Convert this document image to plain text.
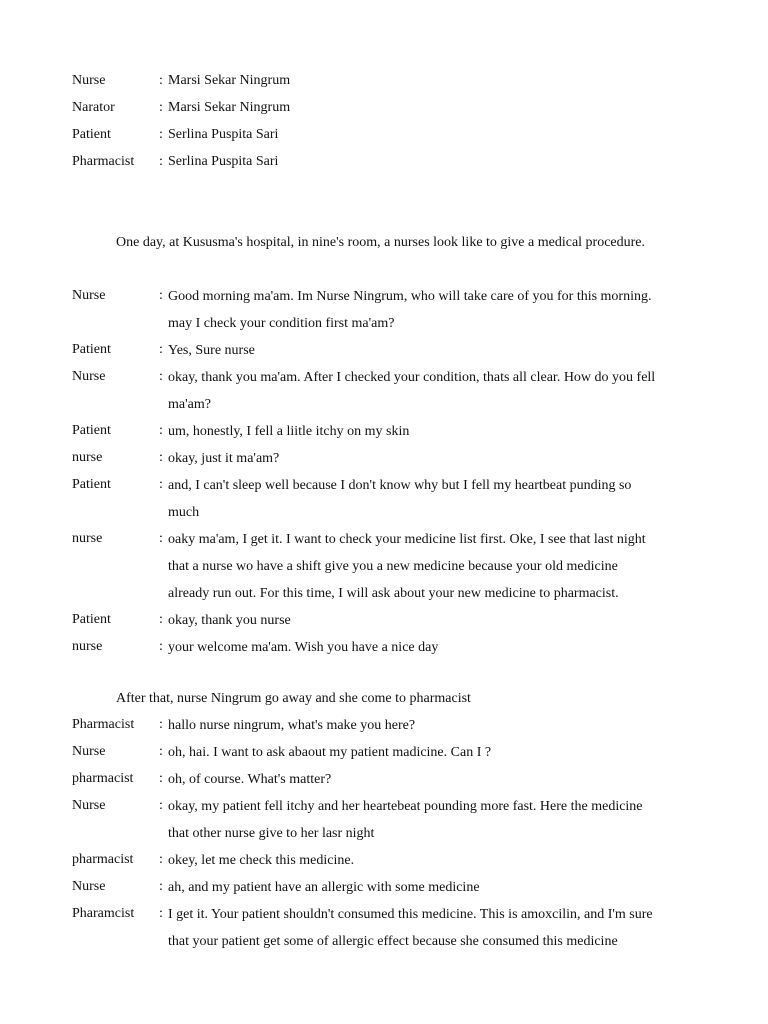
Nurse	: Marsi Sekar Ningrum
Narator	: Marsi Sekar Ningrum
Patient	: Serlina Puspita Sari
Pharmacist : Serlina Puspita Sari
One day, at Kususma's hospital, in nine's room, a nurses look like to give a medical procedure.
Nurse	: Good morning ma'am. Im Nurse Ningrum, who will take care of you for this morning.
may I check your condition first ma'am?
Patient	: Yes, Sure nurse
Nurse	: okay, thank you ma'am. After I checked your condition, thats all clear. How do you fell
ma'am?
Patient	: um, honestly, I fell a liitle itchy on my skin
nurse	: okay, just it ma'am?
Patient	: and, I can't sleep well because I don't know why but I fell my heartbeat punding so
much
nurse	: oaky ma'am, I get it. I want to check your medicine list first. Oke, I see that last night
that a nurse wo have a shift give you a new medicine because your old medicine
already run out. For this time, I will ask about your new medicine to pharmacist.
Patient	: okay, thank you nurse
nurse	: your welcome ma'am. Wish you have a nice day
After that, nurse Ningrum go away and she come to pharmacist
Pharmacist : hallo nurse ningrum, what's make you here?
Nurse	: oh, hai. I want to ask abaout my patient madicine. Can I ?
pharmacist : oh, of course. What's matter?
Nurse	: okay, my patient fell itchy and her heartebeat pounding more fast. Here the medicine
that other nurse give to her lasr night
pharmacist : okey, let me check this medicine.
Nurse	: ah, and my patient have an allergic with some medicine
Pharamcist : I get it. Your patient shouldn't consumed this medicine. This is amoxcilin, and I'm sure
that your patient get some of allergic effect because she consumed this medicine
